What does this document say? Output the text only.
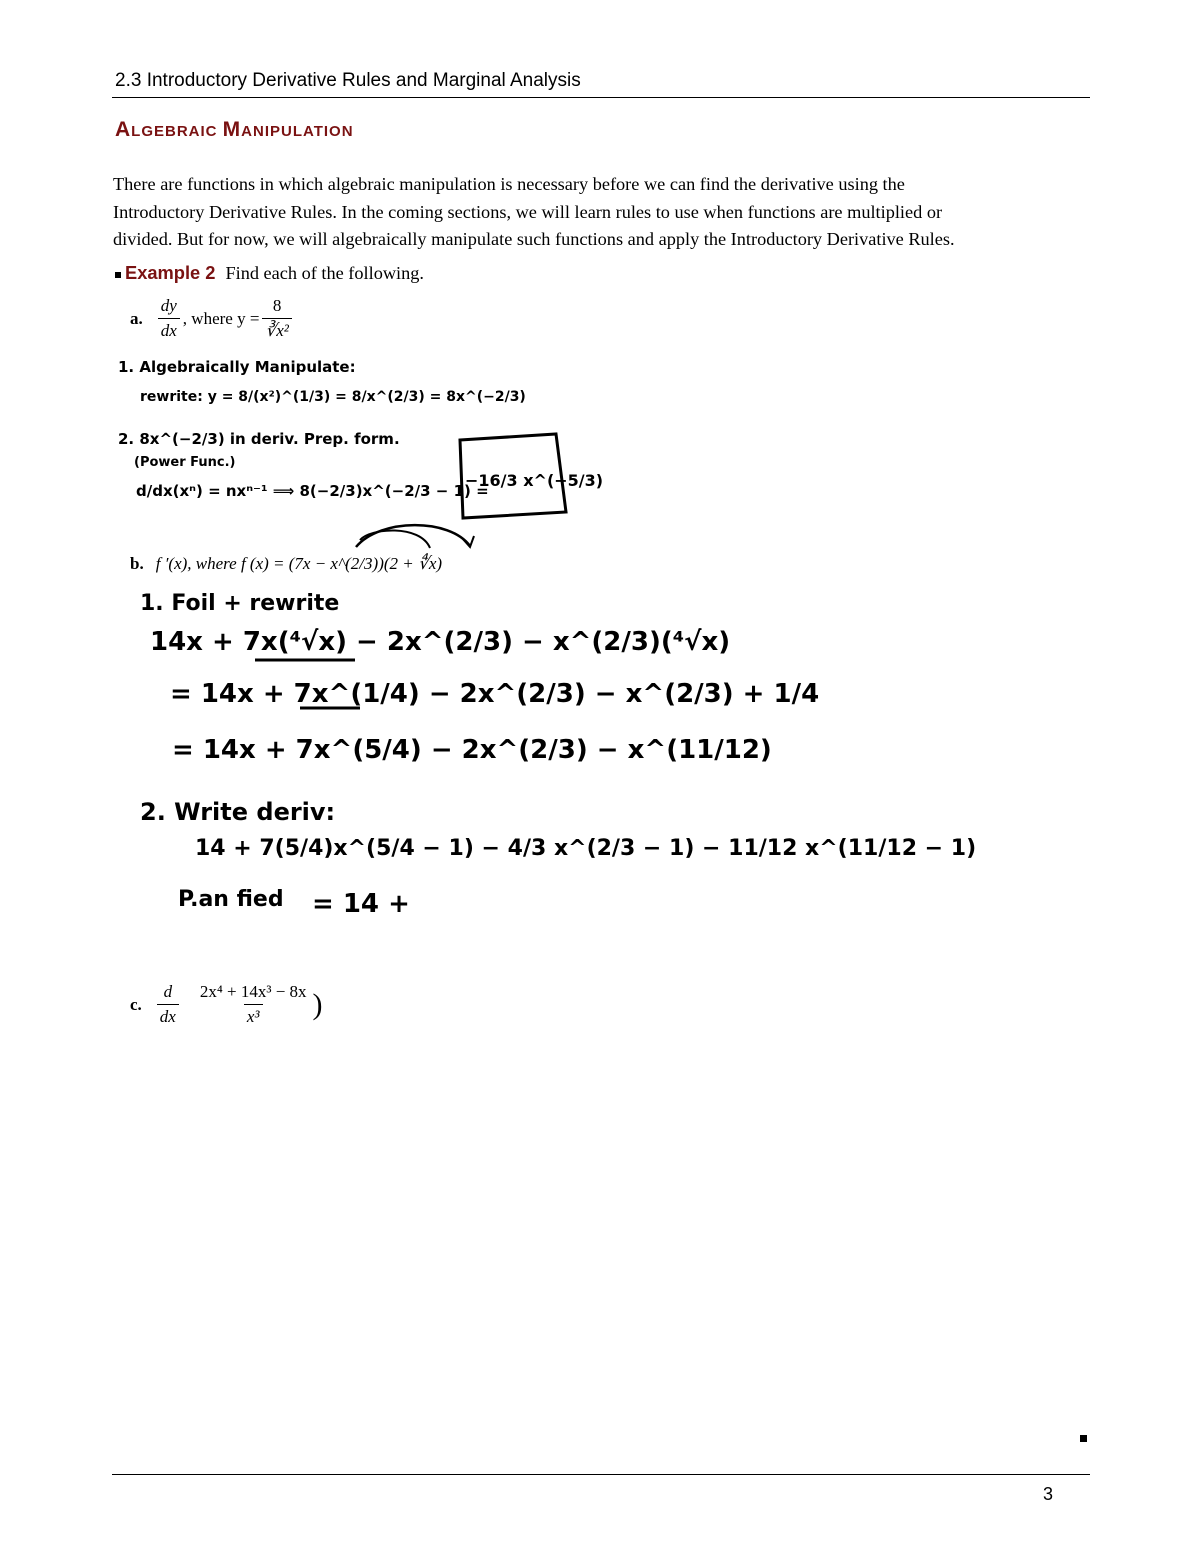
2.3 Introductory Derivative Rules and Marginal Analysis
ALGEBRAIC MANIPULATION
There are functions in which algebraic manipulation is necessary before we can find the derivative using the
Introductory Derivative Rules. In the coming sections, we will learn rules to use when functions are multiplied or
divided. But for now, we will algebraically manipulate such functions and apply the Introductory Derivative Rules.
Example 2 Find each of the following.
a. $\frac{dy}{dx}$ , where $y = \frac{8}{\text{∛x²}}$
b. f ′(x), where f (x) = (7x − x^(2/3))(2 + ∜x)
c. $\frac{d}{dx} \frac{\text{2x⁴ + 14x³ − 8x}}{\text{x³}}$ )
1. Algebraically Manipulate:
rewrite: y = 8/(x²)^(1/3) = 8/x^(2/3) = 8x^(−2/3)
2. 8x^(−2/3) in deriv. Prep. form.
(Power Func.)
d/dx(xⁿ) = nxⁿ⁻¹ ⟹ 8(−2/3)x^(−2/3 − 1) =
−16/3 x^(−5/3)
1. Foil + rewrite
14x + 7x(⁴√x) − 2x^(2/3) − x^(2/3)(⁴√x)
= 14x + 7x^(1/4) − 2x^(2/3) − x^(2/3) + 1/4
= 14x + 7x^(5/4) − 2x^(2/3) − x^(11/12)
2. Write deriv:
14 + 7(5/4)x^(5/4 − 1) − 4/3 x^(2/3 − 1) − 11/12 x^(11/12 − 1)
P.an fied = 14 +
3
